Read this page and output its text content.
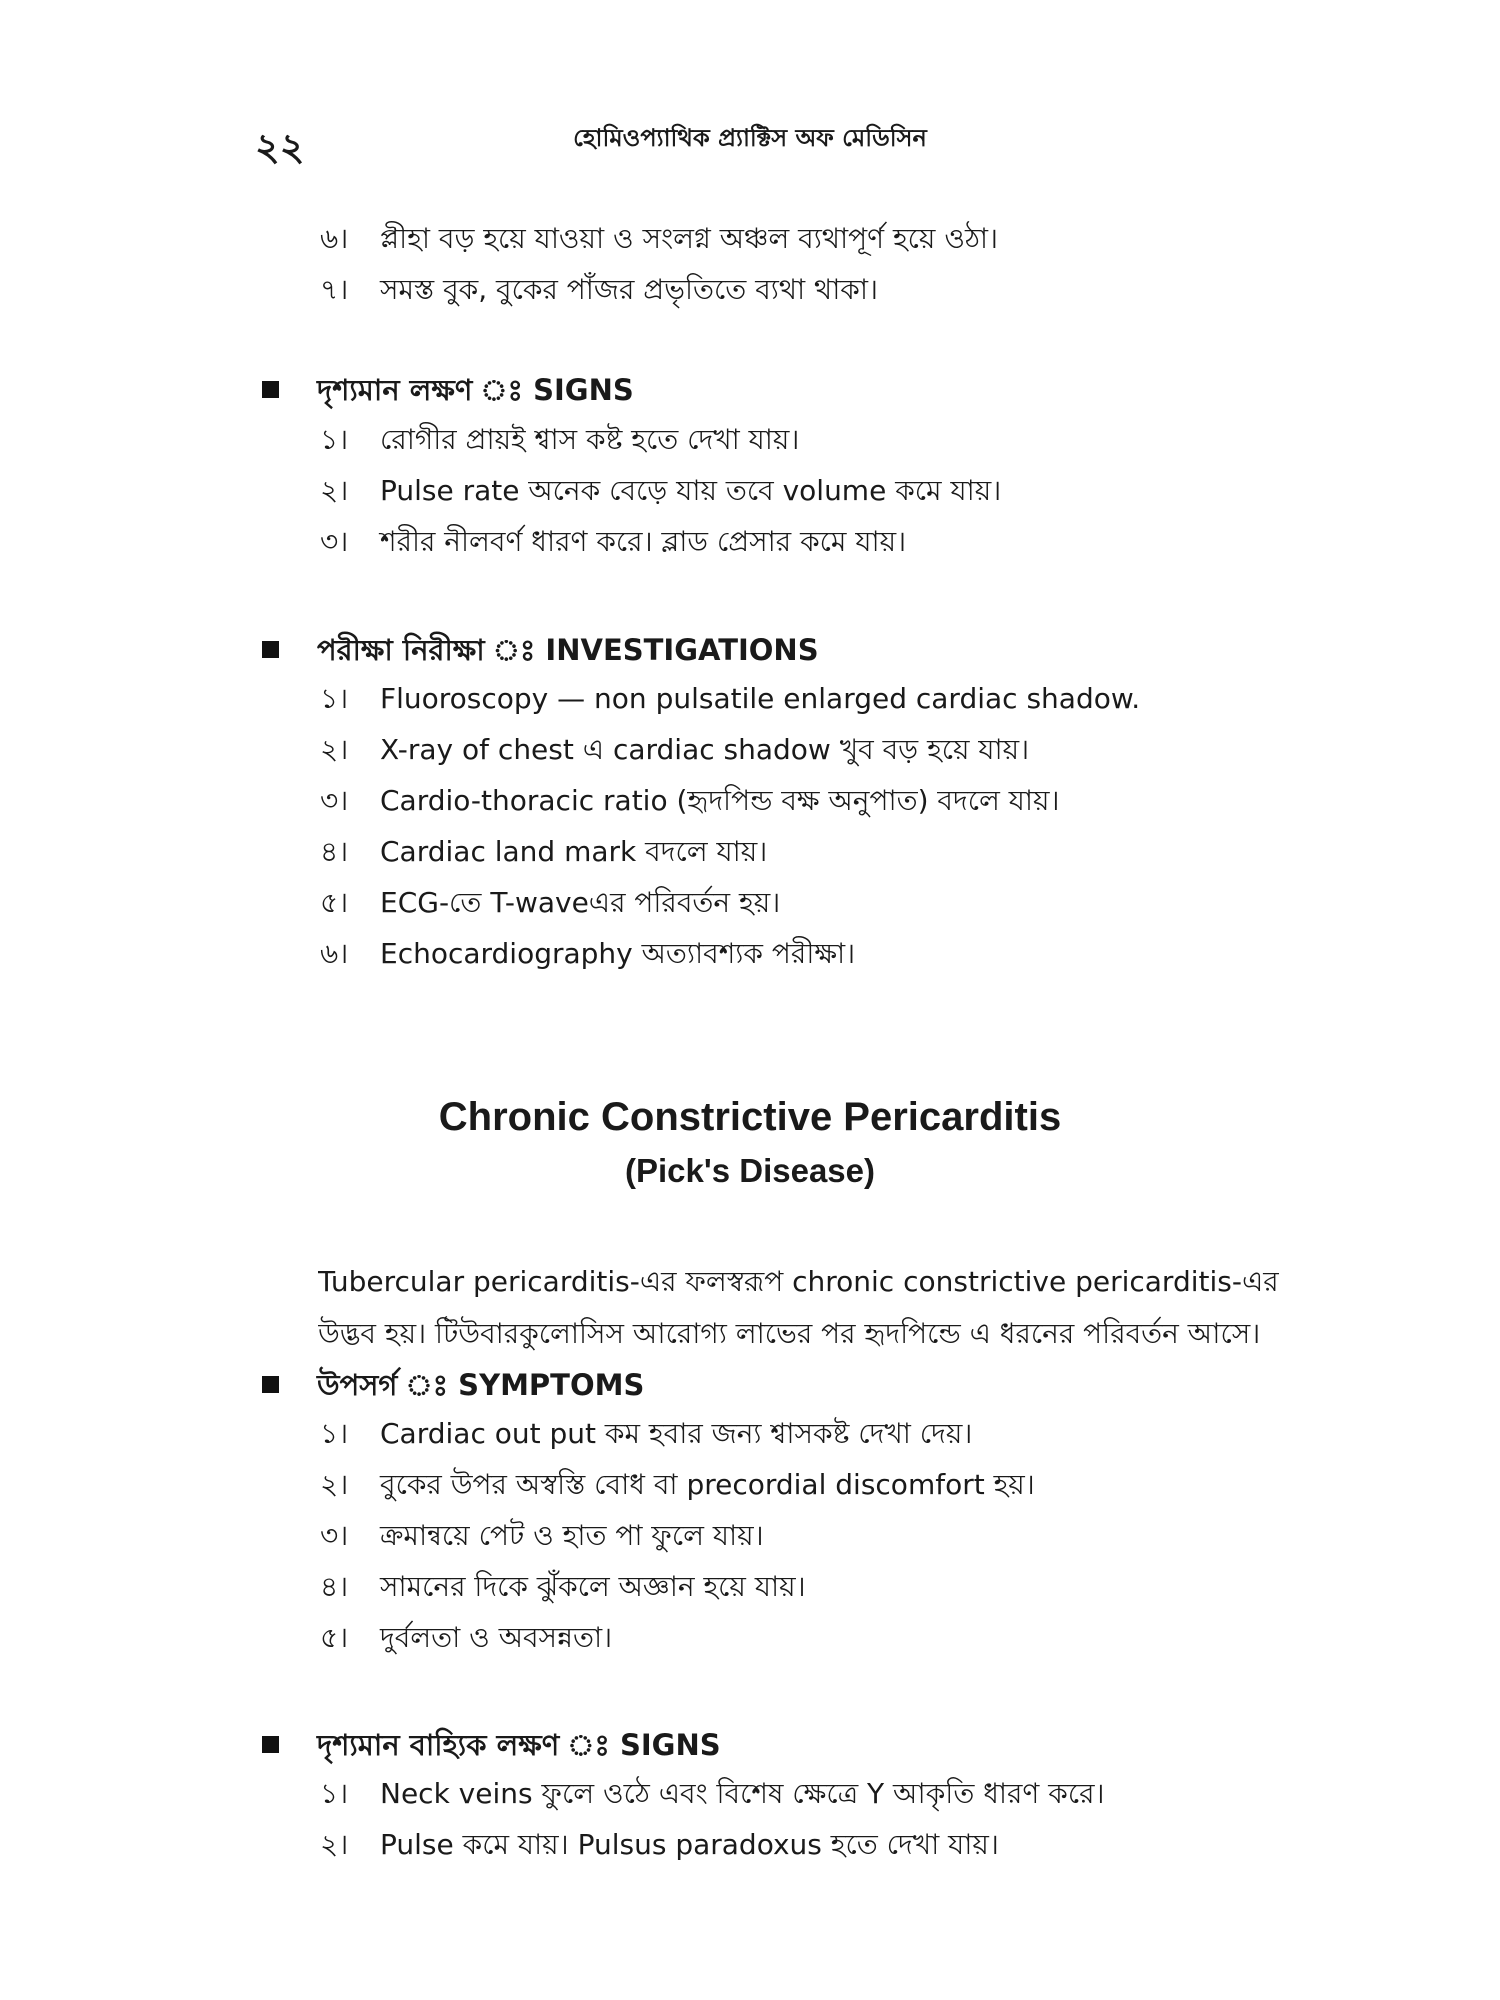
২২	হোমিওপ্যাথিক প্র্যাক্টিস অফ মেডিসিন
৬। প্লীহা বড় হয়ে যাওয়া ও সংলগ্ন অঞ্চল ব্যথাপূর্ণ হয়ে ওঠা।
৭। সমস্ত বুক, বুকের পাঁজর প্রভৃতিতে ব্যথা থাকা।
দৃশ্যমান লক্ষণ ঃ SIGNS
১। রোগীর প্রায়ই শ্বাস কষ্ট হতে দেখা যায়।
২। Pulse rate অনেক বেড়ে যায় তবে volume কমে যায়।
৩। শরীর নীলবর্ণ ধারণ করে। ব্লাড প্রেসার কমে যায়।
পরীক্ষা নিরীক্ষা ঃ INVESTIGATIONS
১। Fluoroscopy — non pulsatile enlarged cardiac shadow.
২। X-ray of chest এ cardiac shadow খুব বড় হয়ে যায়।
৩। Cardio-thoracic ratio (হৃদপিন্ড বক্ষ অনুপাত) বদলে যায়।
৪। Cardiac land mark বদলে যায়।
৫। ECG-তে T-waveএর পরিবর্তন হয়।
৬। Echocardiography অত্যাবশ্যক পরীক্ষা।
Chronic Constrictive Pericarditis
(Pick's Disease)

Tubercular pericarditis-এর ফলস্বরূপ chronic constrictive pericarditis-এর

উদ্ভব হয়। টিউবারকুলোসিস আরোগ্য লাভের পর হৃদপিন্ডে এ ধরনের পরিবর্তন আসে।

উপসর্গ ঃ SYMPTOMS
১। Cardiac out put কম হবার জন্য শ্বাসকষ্ট দেখা দেয়।
২। বুকের উপর অস্বস্তি বোধ বা precordial discomfort হয়।
৩। ক্রমান্বয়ে পেট ও হাত পা ফুলে যায়।
৪। সামনের দিকে ঝুঁকলে অজ্ঞান হয়ে যায়।
৫। দুর্বলতা ও অবসন্নতা।
দৃশ্যমান বাহ্যিক লক্ষণ ঃ SIGNS
১। Neck veins ফুলে ওঠে এবং বিশেষ ক্ষেত্রে Y আকৃতি ধারণ করে।
২। Pulse কমে যায়। Pulsus paradoxus হতে দেখা যায়।
